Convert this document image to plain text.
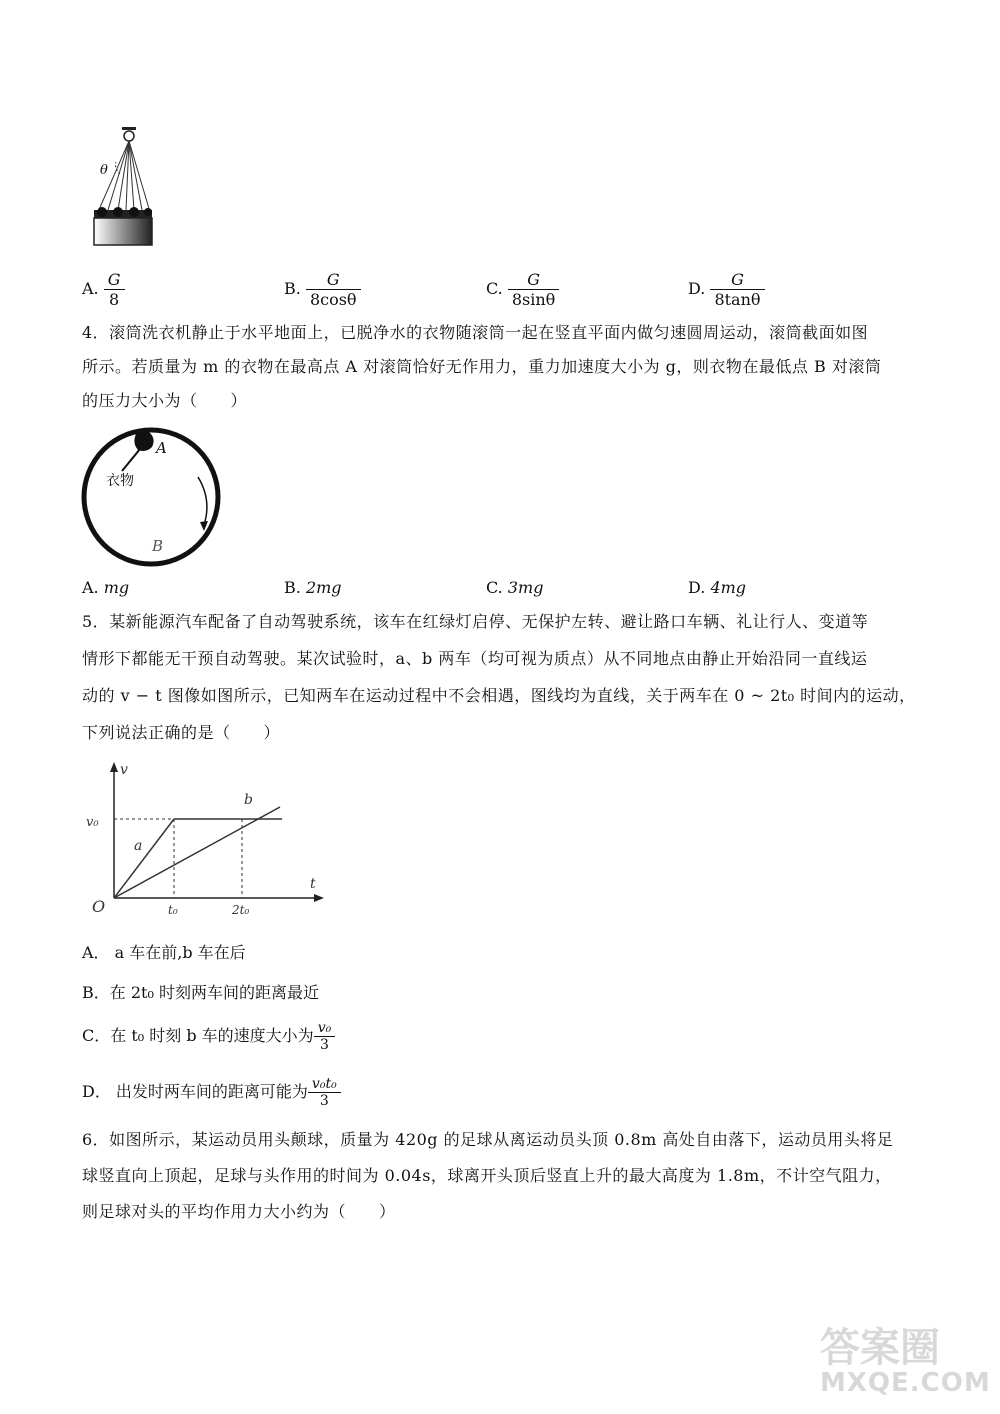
θ
A. $\frac{G}{8}$	B. $\frac{G}{8\cos\theta}$	C. $\frac{G}{8\sin\theta}$	D. $\frac{G}{8\tan\theta}$
4．滚筒洗衣机静止于水平地面上，已脱净水的衣物随滚筒一起在竖直平面内做匀速圆周运动，滚筒截面如图
所示。若质量为 m 的衣物在最高点 A 对滚筒恰好无作用力，重力加速度大小为 g，则衣物在最低点 B 对滚筒
的压力大小为（　　）
A
衣物
B
A. mg	B. 2mg	C. 3mg	D. 4mg
5．某新能源汽车配备了自动驾驶系统，该车在红绿灯启停、无保护左转、避让路口车辆、礼让行人、变道等
情形下都能无干预自动驾驶。某次试验时，a、b 两车（均可视为质点）从不同地点由静止开始沿同一直线运
动的 v − t 图像如图所示，已知两车在运动过程中不会相遇，图线均为直线，关于两车在 0 ~ 2t₀ 时间内的运动，
下列说法正确的是（　　）
v
t
O
v₀
a
b
t₀	2t₀
A． a 车在前,b 车在后
B．在 2t₀ 时刻两车间的距离最近
C．在 t₀ 时刻 b 车的速度大小为 $\frac{\text{v₀}}{3}$
D． 出发时两车间的距离可能为 $\frac{\text{v₀t₀}}{3}$
6．如图所示，某运动员用头颠球，质量为 420g 的足球从离运动员头顶 0.8m 高处自由落下，运动员用头将足
球竖直向上顶起，足球与头作用的时间为 0.04s，球离开头顶后竖直上升的最大高度为 1.8m，不计空气阻力，
则足球对头的平均作用力大小约为（　　）
答案圈
MXQE.COM
